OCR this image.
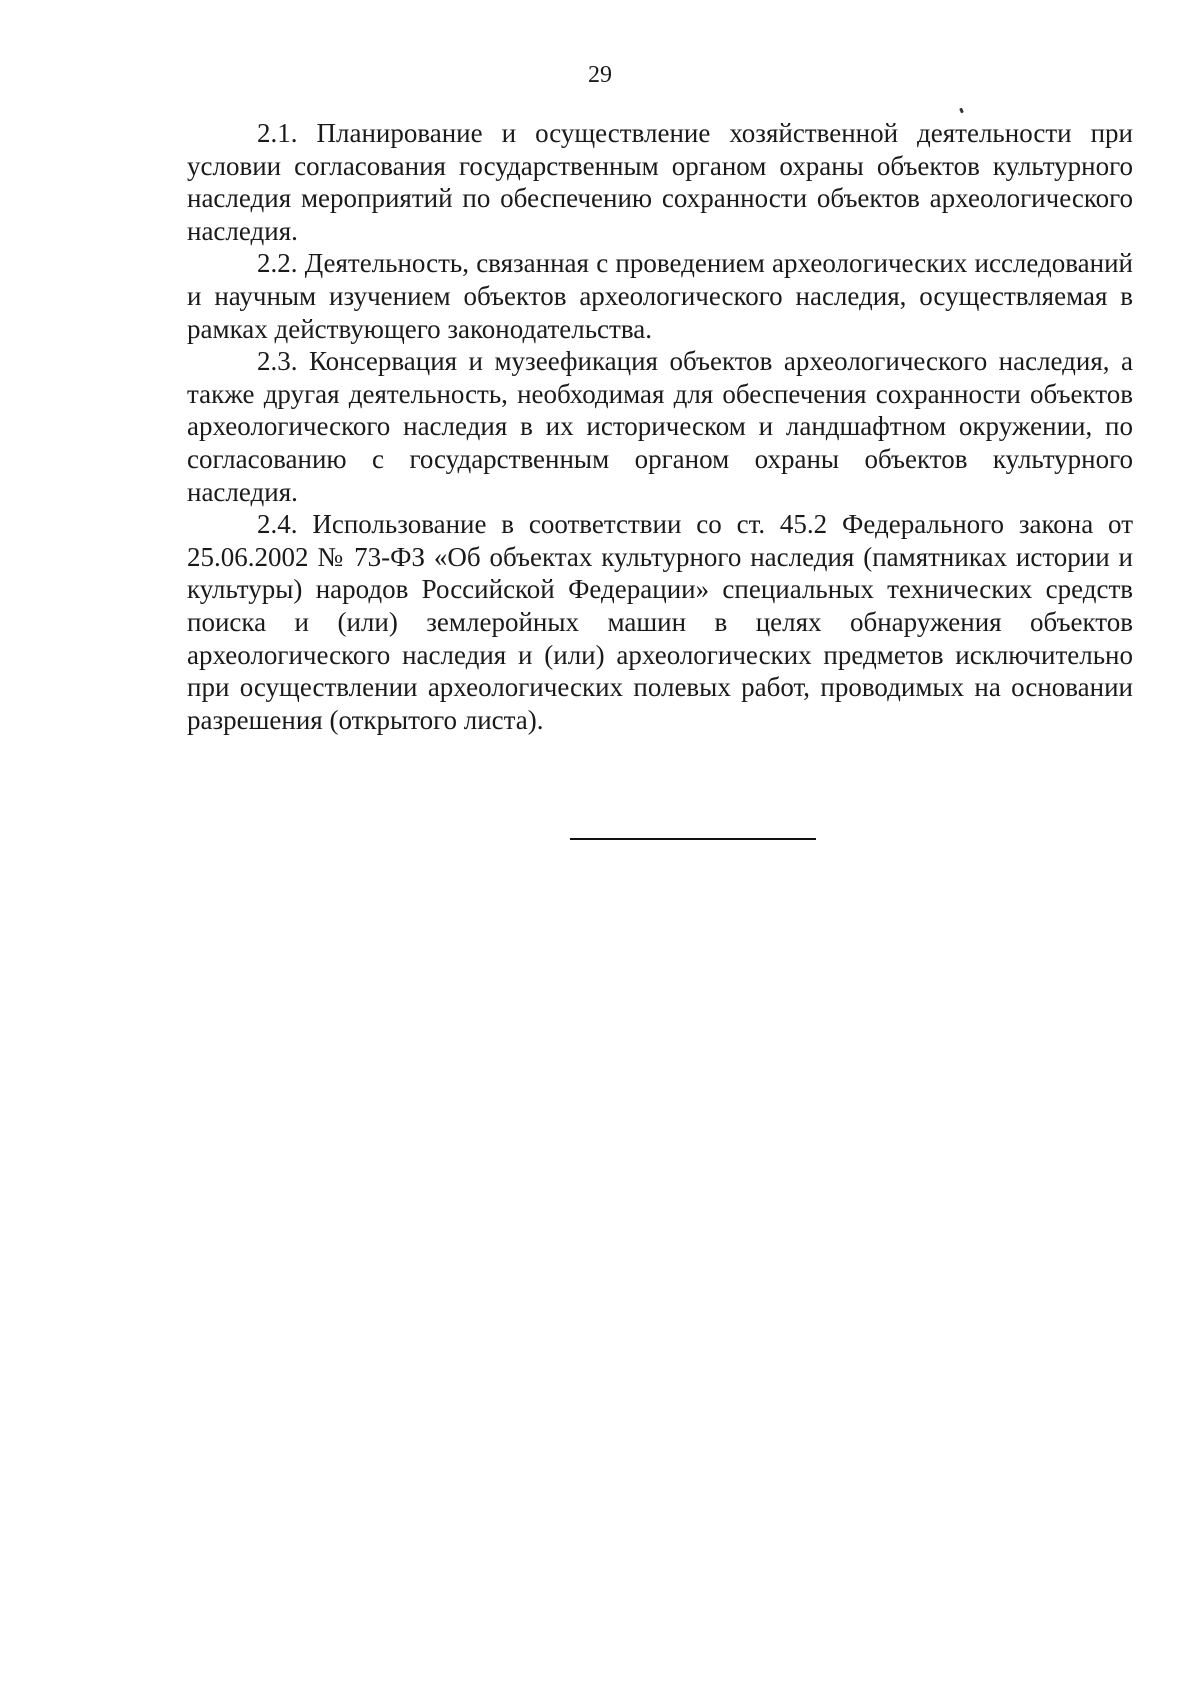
29

2.1. Планирование и осуществление хозяйственной деятельности при условии согласования государственным органом охраны объектов культурного наследия мероприятий по обеспечению сохранности объектов археологического наследия.

2.2. Деятельность, связанная с проведением археологических исследований и научным изучением объектов археологического наследия, осуществляемая в рамках действующего законодательства.

2.3. Консервация и музеефикация объектов археологического наследия, а также другая деятельность, необходимая для обеспечения сохранности объектов археологического наследия в их историческом и ландшафтном окружении, по согласованию с государственным органом охраны объектов культурного наследия.

2.4. Использование в соответствии со ст. 45.2 Федерального закона от 25.06.2002 № 73-ФЗ «Об объектах культурного наследия (памятниках истории и культуры) народов Российской Федерации» специальных технических средств поиска и (или) землеройных машин в целях обнаружения объектов археологического наследия и (или) археологических предметов исключительно при осуществлении археологических полевых работ, проводимых на основании разрешения (открытого листа).
